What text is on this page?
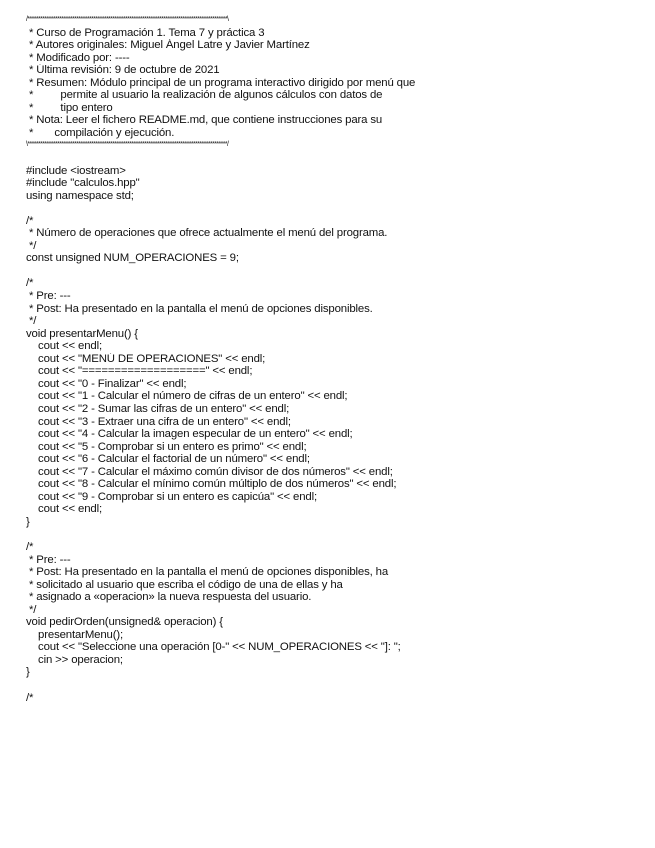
/**********************************************************************************************\
* Curso de Programación 1. Tema 7 y práctica 3
* Autores originales: Miguel Ángel Latre y Javier Martínez
* Modificado por: ----
* Última revisión: 9 de octubre de 2021
* Resumen: Módulo principal de un programa interactivo dirigido por menú que
*         permite al usuario la realización de algunos cálculos con datos de
*         tipo entero
* Nota: Leer el fichero README.md, que contiene instrucciones para su
*       compilación y ejecución.
\**********************************************************************************************/
#include <iostream>
#include "calculos.hpp"
using namespace std;
/*
* Número de operaciones que ofrece actualmente el menú del programa.
*/
const unsigned NUM_OPERACIONES = 9;
/*
* Pre: ---
* Post: Ha presentado en la pantalla el menú de opciones disponibles.
*/
void presentarMenu() {
cout << endl;
cout << "MENÚ DE OPERACIONES" << endl;
cout << "===================" << endl;
cout << "0 - Finalizar" << endl;
cout << "1 - Calcular el número de cifras de un entero" << endl;
cout << "2 - Sumar las cifras de un entero" << endl;
cout << "3 - Extraer una cifra de un entero" << endl;
cout << "4 - Calcular la imagen especular de un entero" << endl;
cout << "5 - Comprobar si un entero es primo" << endl;
cout << "6 - Calcular el factorial de un número" << endl;
cout << "7 - Calcular el máximo común divisor de dos números" << endl;
cout << "8 - Calcular el mínimo común múltiplo de dos números" << endl;
cout << "9 - Comprobar si un entero es capicúa" << endl;
cout << endl;
}
/*
* Pre: ---
* Post: Ha presentado en la pantalla el menú de opciones disponibles, ha
* solicitado al usuario que escriba el código de una de ellas y ha
* asignado a «operacion» la nueva respuesta del usuario.
*/
void pedirOrden(unsigned& operacion) {
presentarMenu();
cout << "Seleccione una operación [0-" << NUM_OPERACIONES << "]: ";
cin >> operacion;
}
/*
